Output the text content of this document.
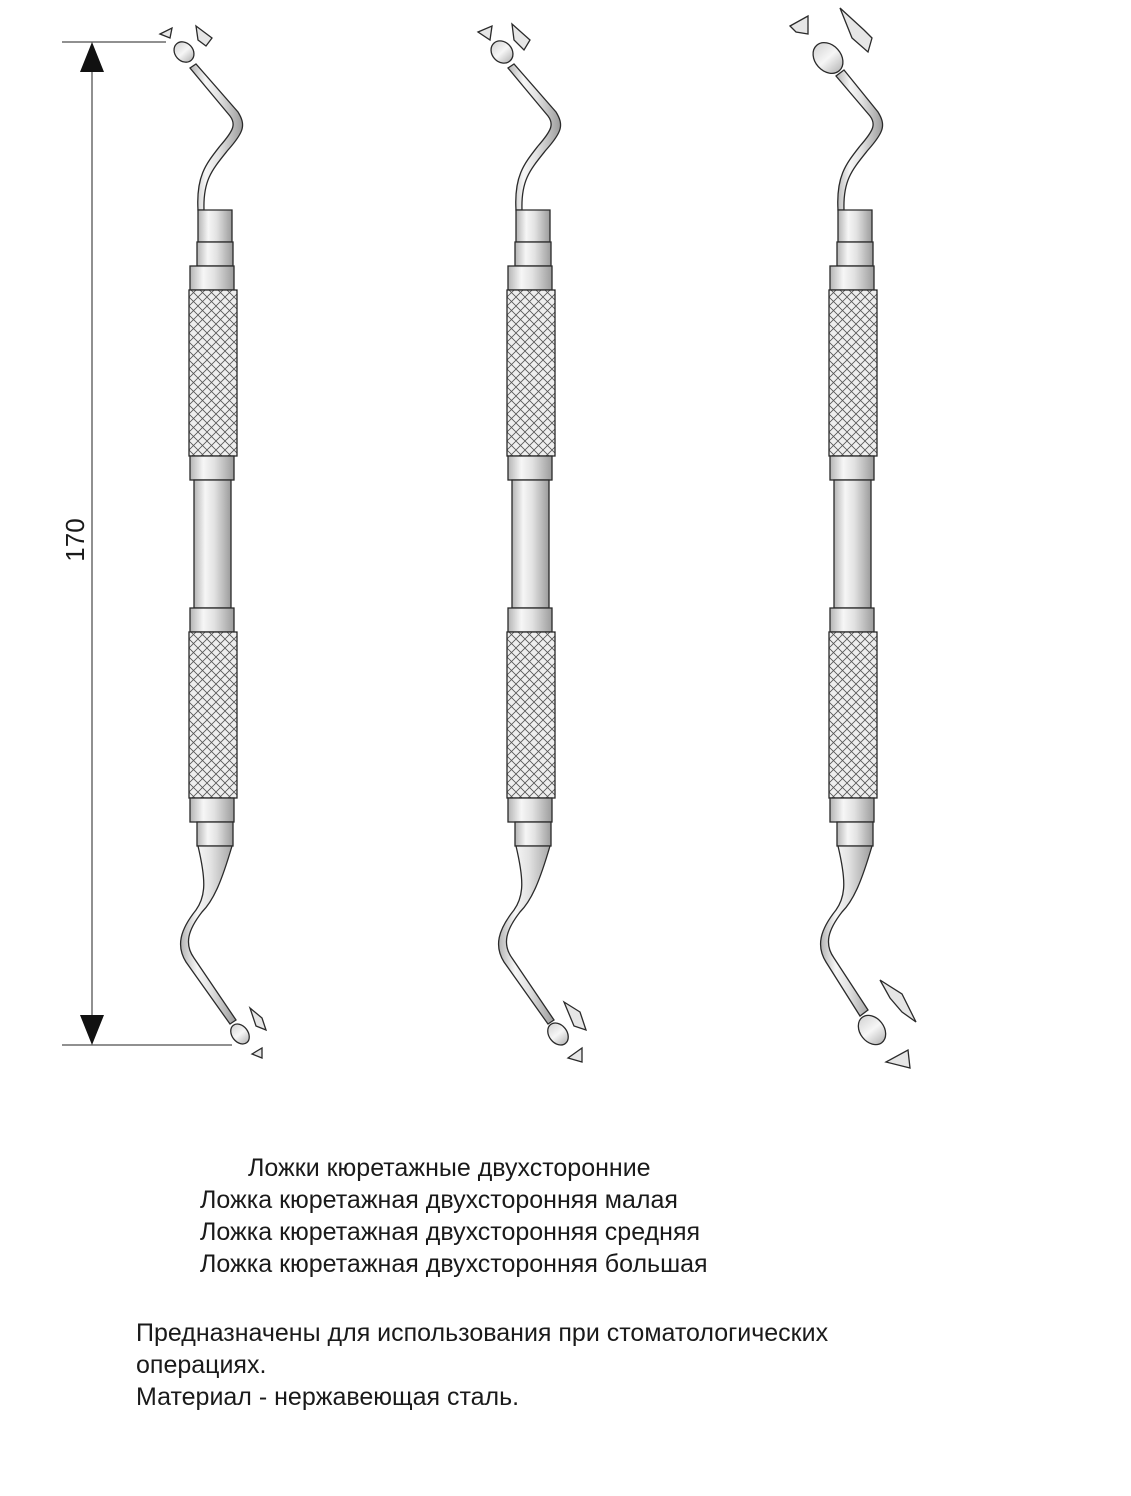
170
Ложки кюретажные двухсторонние
Ложка кюретажная двухсторонняя малая
Ложка кюретажная двухсторонняя средняя
Ложка кюретажная двухсторонняя большая
Предназначены для использования при стоматологических
операциях.
Материал - нержавеющая сталь.
